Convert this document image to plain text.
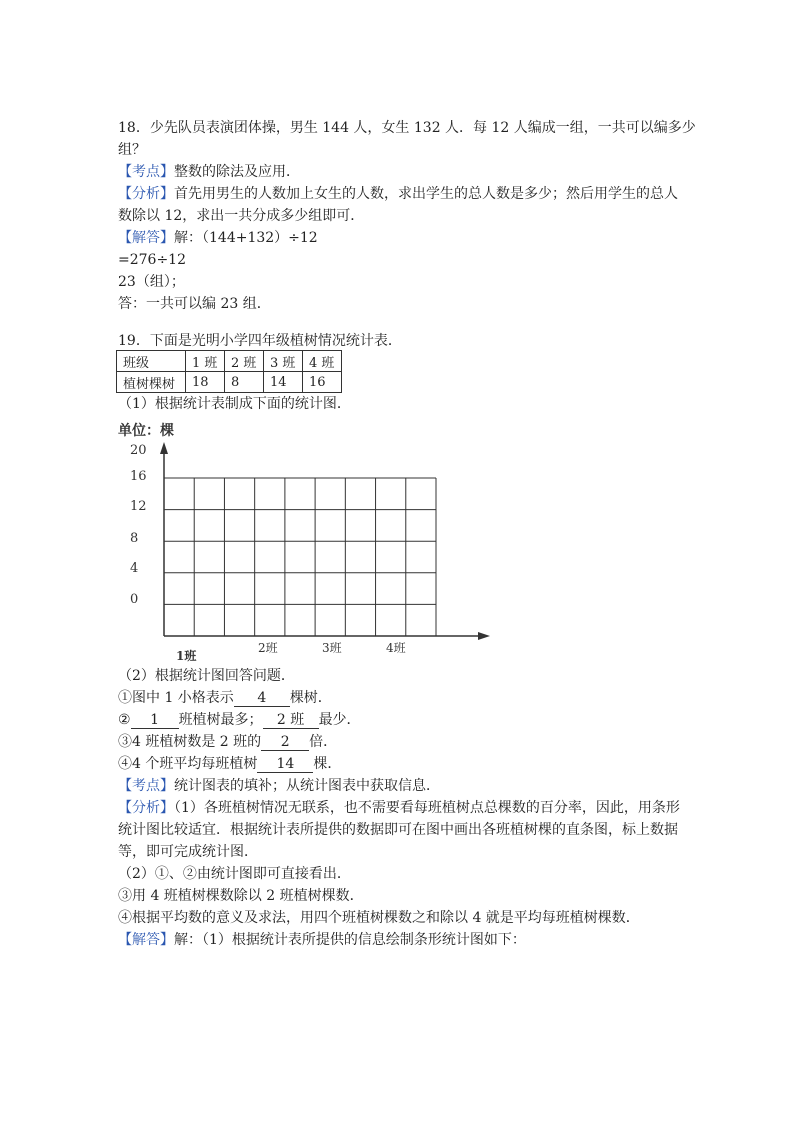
18．少先队员表演团体操，男生 144 人，女生 132 人．每 12 人编成一组，一共可以编多少
组？
【考点】整数的除法及应用．
【分析】首先用男生的人数加上女生的人数，求出学生的总人数是多少；然后用学生的总人
数除以 12，求出一共分成多少组即可．
【解答】解：（144+132）÷12
=276÷12
23（组）；
答：一共可以编 23 组．
19．下面是光明小学四年级植树情况统计表．
班级	1 班	2 班	3 班	4 班
植树棵树	18	8	14	16
（1）根据统计表制成下面的统计图．
单位：棵
20
16
12
8
4
0
1班
2班	3班	4班
（2）根据统计图回答问题．
①图中 1 小格表示 4 棵树．
② 1 班植树最多； 2 班 最少．
③4 班植树数是 2 班的 2 倍．
④4 个班平均每班植树 14 棵．
【考点】统计图表的填补；从统计图表中获取信息．
【分析】（1）各班植树情况无联系，也不需要看每班植树点总棵数的百分率，因此，用条形
统计图比较适宜．根据统计表所提供的数据即可在图中画出各班植树棵的直条图，标上数据
等，即可完成统计图．
（2）①、②由统计图即可直接看出．
③用 4 班植树棵数除以 2 班植树棵数．
④根据平均数的意义及求法，用四个班植树棵数之和除以 4 就是平均每班植树棵数．
【解答】解：（1）根据统计表所提供的信息绘制条形统计图如下：
